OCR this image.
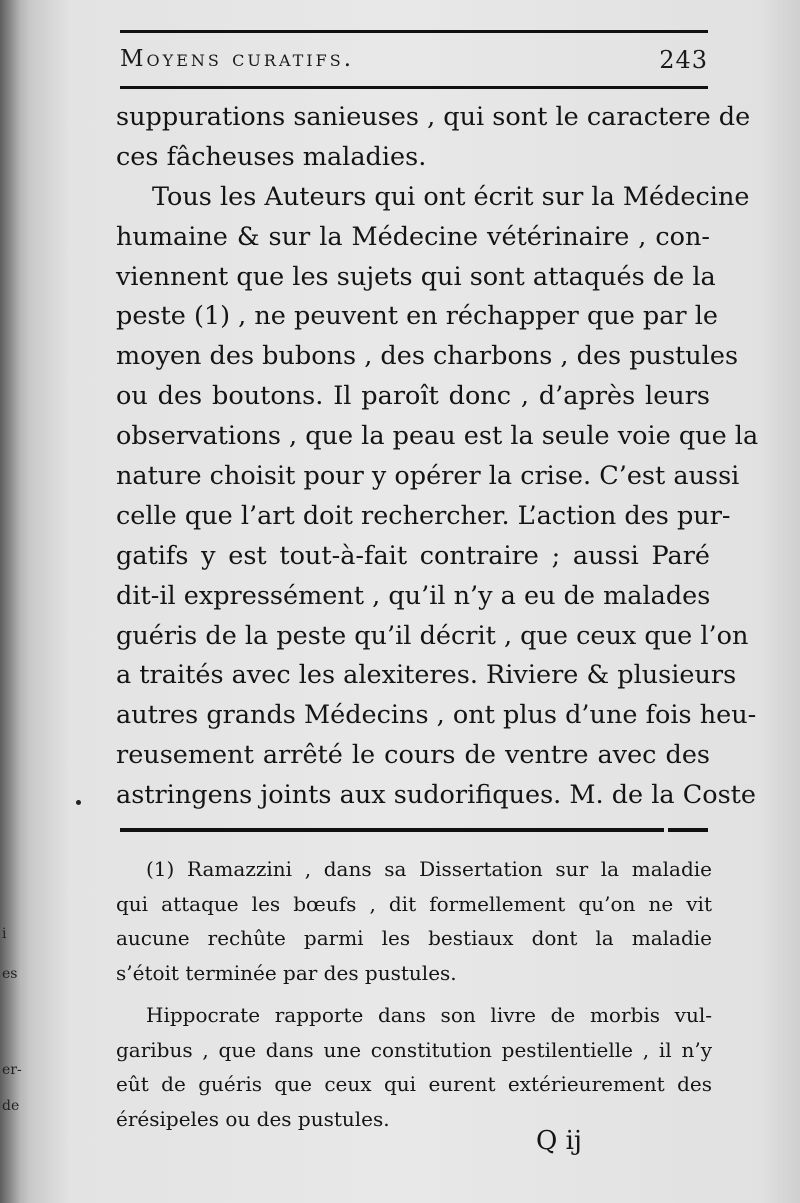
i
es
er-
de
Moyens curatifs.	243
suppurations sanieuses , qui sont le caractere de
ces fâcheuses maladies.
Tous les Auteurs qui ont écrit sur la Médecine
humaine & sur la Médecine vétérinaire , con-
viennent que les sujets qui sont attaqués de la
peste (1) , ne peuvent en réchapper que par le
moyen des bubons , des charbons , des pustules
ou des boutons. Il paroît donc , d’après leurs
observations , que la peau est la seule voie que la
nature choisit pour y opérer la crise. C’est aussi
celle que l’art doit rechercher. L’action des pur-
gatifs y est tout-à-fait contraire ; aussi Paré
dit-il expressément , qu’il n’y a eu de malades
guéris de la peste qu’il décrit , que ceux que l’on
a traités avec les alexiteres. Riviere & plusieurs
autres grands Médecins , ont plus d’une fois heu-
reusement arrêté le cours de ventre avec des
astringens joints aux sudorifiques. M. de la Coste
(1) Ramazzini , dans sa Dissertation sur la maladie
qui attaque les bœufs , dit formellement qu’on ne vit
aucune rechûte parmi les bestiaux dont la maladie
s’étoit terminée par des pustules.
Hippocrate rapporte dans son livre de morbis vul-
garibus , que dans une constitution pestilentielle , il n’y
eût de guéris que ceux qui eurent extérieurement des
érésipeles ou des pustules.
Q ij
